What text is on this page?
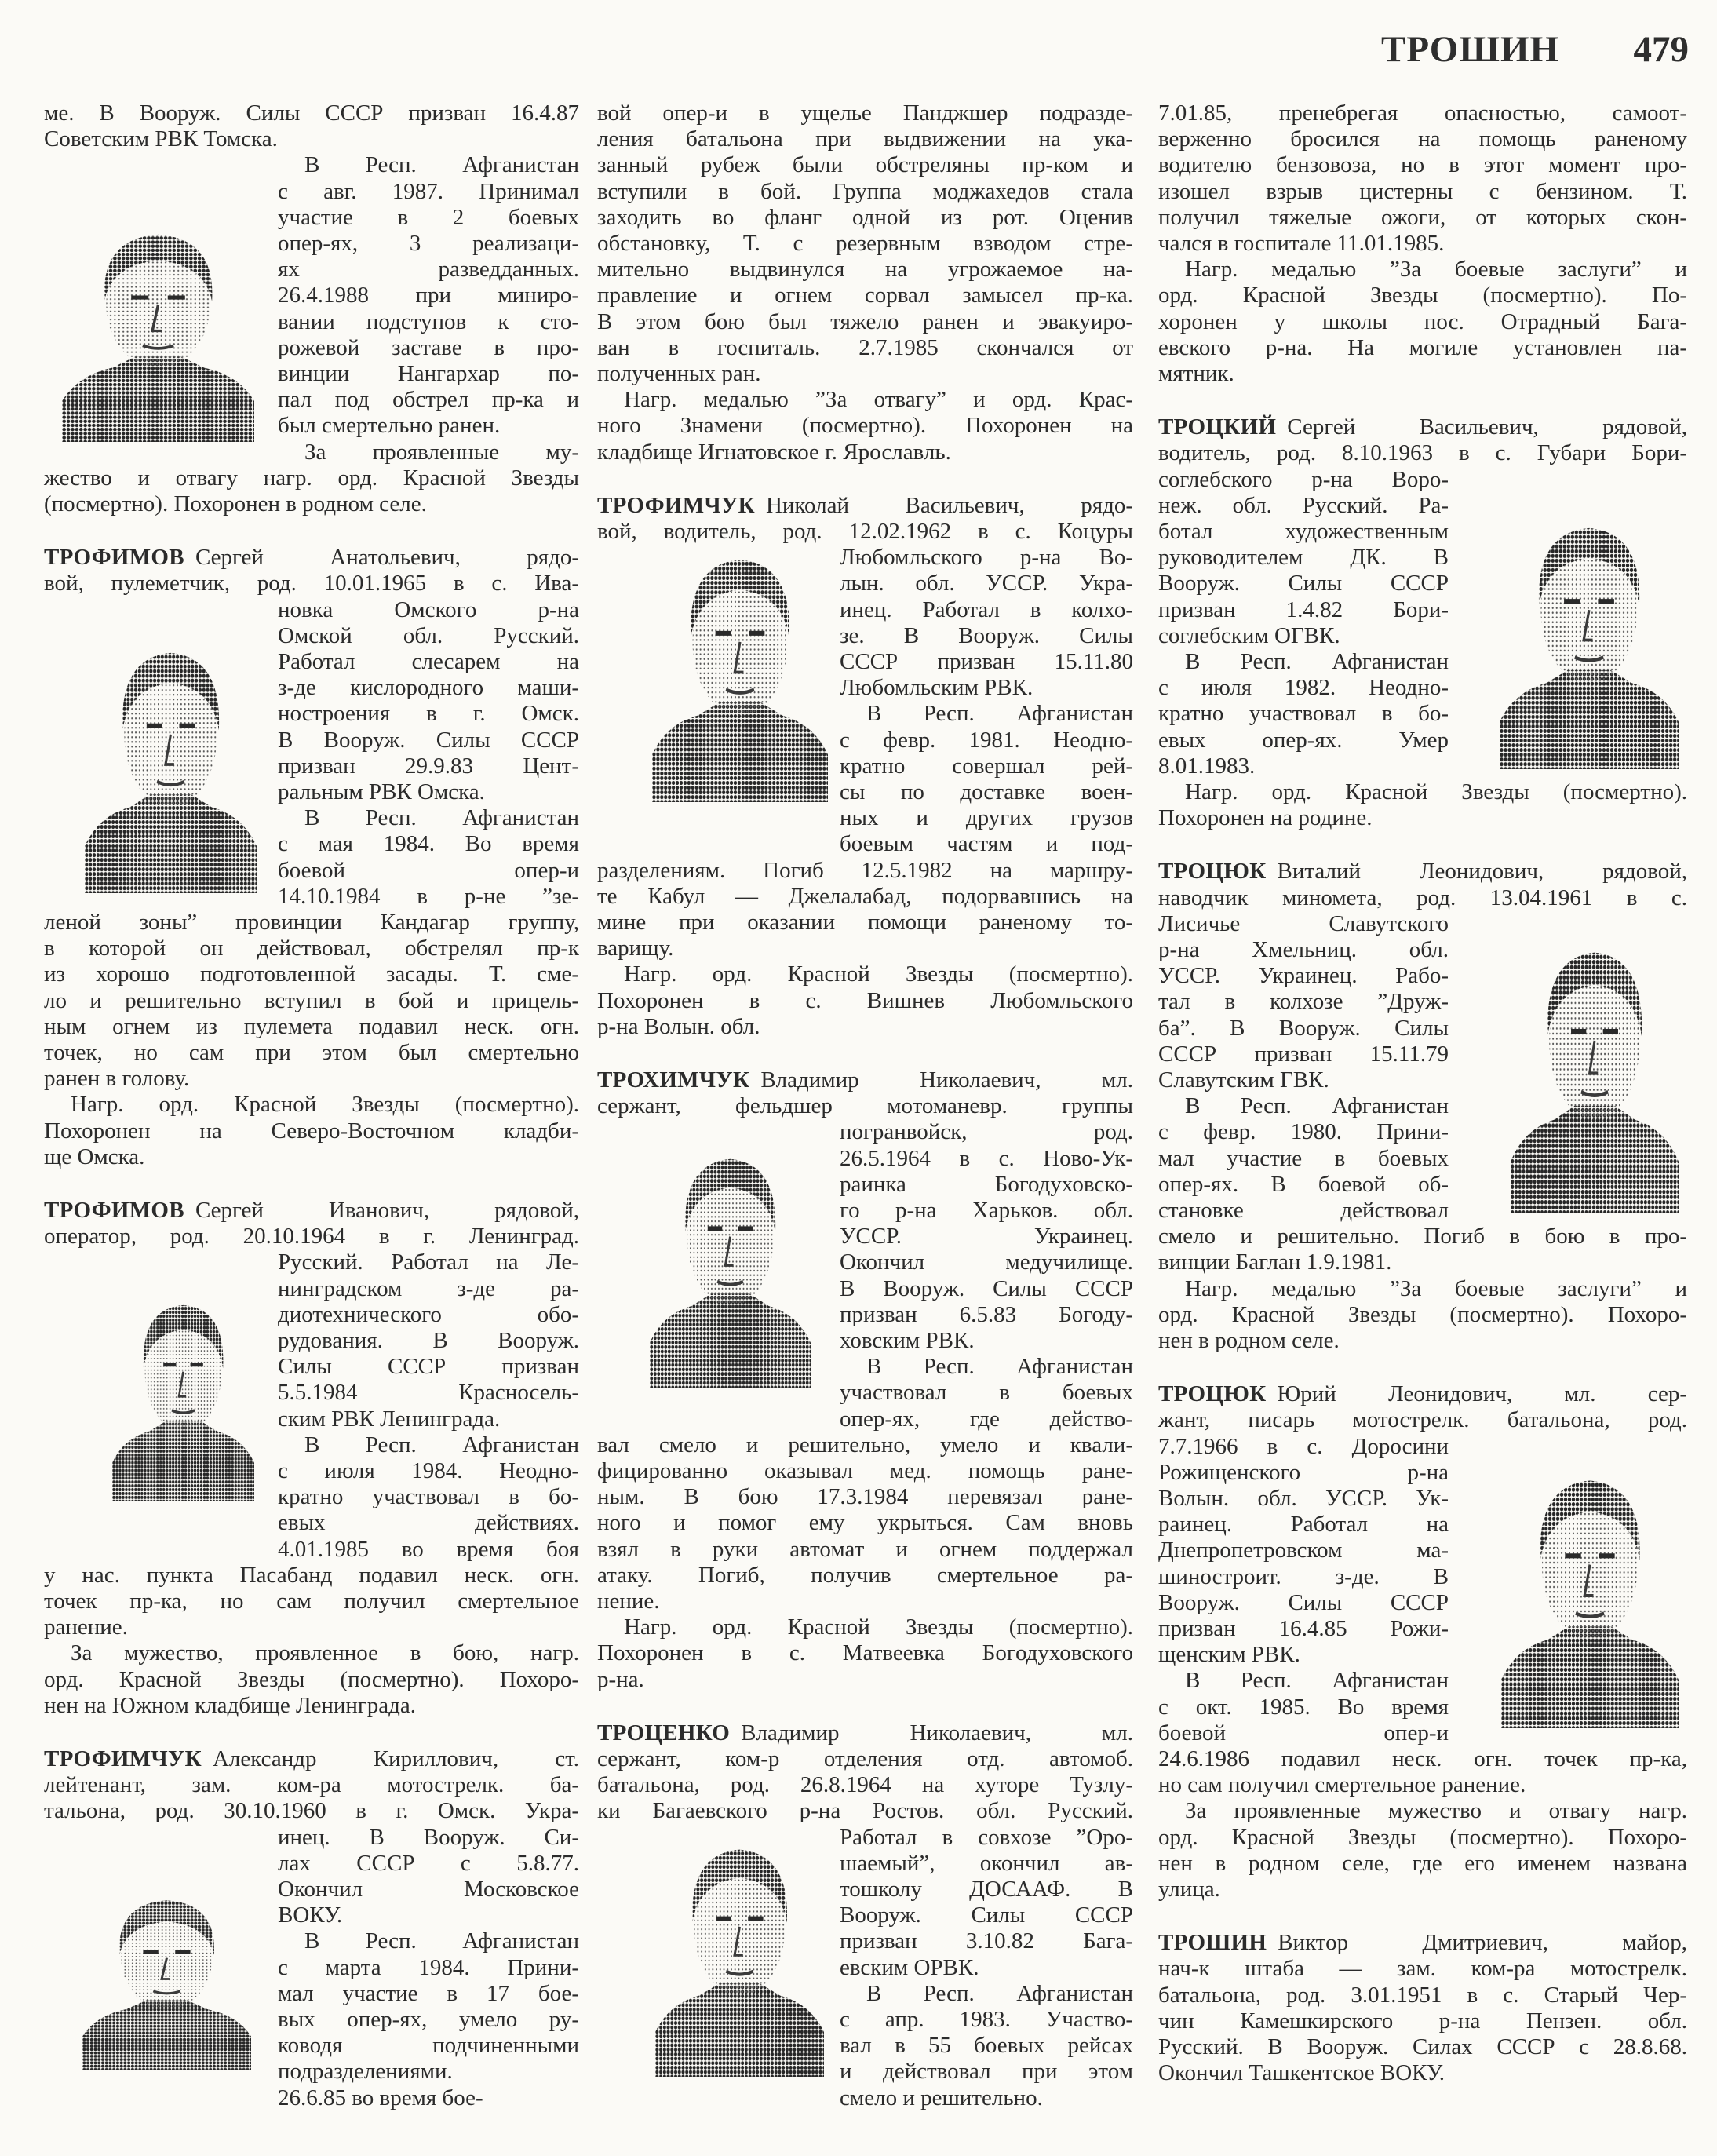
ТРОШИН 479
ме. В Вооруж. Силы СССР призван 16.4.87
Советским РВК Томска.
В Респ. Афганистан
с авг. 1987. Принимал
участие в 2 боевых
опер-ях, 3 реализаци-
ях разведданных.
26.4.1988 при миниро-
вании подступов к сто-
рожевой заставе в про-
винции Нангархар по-
пал под обстрел пр-ка и
был смертельно ранен.
За проявленные му-
жество и отвагу нагр. орд. Красной Звезды
(посмертно). Похоронен в родном селе.
ТРОФИМОВ Сергей	Анатольевич,	рядо-
вой, пулеметчик, род. 10.01.1965 в с. Ива-
новка Омского р-на
Омской обл. Русский.
Работал слесарем на
з-де кислородного маши-
ностроения в г. Омск.
В Вооруж. Силы СССР
призван 29.9.83 Цент-
ральным РВК Омска.
В Респ. Афганистан
с мая 1984. Во время
боевой опер-и
14.10.1984 в р-не ”зе-
леной зоны” провинции Кандагар группу,
в которой он действовал, обстрелял пр-к
из хорошо подготовленной засады. Т. сме-
ло и решительно вступил в бой и прицель-
ным огнем из пулемета подавил неск. огн.
точек, но сам при этом был смертельно
ранен в голову.
Нагр. орд. Красной Звезды (посмертно).
Похоронен на Северо-Восточном кладби-
ще Омска.
ТРОФИМОВ Сергей	Иванович,	рядовой,
оператор, род. 20.10.1964 в г. Ленинград.
Русский. Работал на Ле-
нинградском з-де ра-
диотехнического обо-
рудования. В Вооруж.
Силы СССР призван
5.5.1984 Красносель-
ским РВК Ленинграда.
В Респ. Афганистан
с июля 1984. Неодно-
кратно участвовал в бо-
евых действиях.
4.01.1985 во время боя
у нас. пункта Пасабанд подавил неск. огн.
точек пр-ка, но сам получил смертельное
ранение.
За мужество, проявленное в бою, нагр.
орд. Красной Звезды (посмертно). Похоро-
нен на Южном кладбище Ленинграда.
ТРОФИМЧУК Александр Кириллович, ст.
лейтенант, зам. ком-ра мотострелк. ба-
тальона, род. 30.10.1960 в г. Омск. Укра-
инец. В Вооруж. Си-
лах СССР с 5.8.77.
Окончил Московское
ВОКУ.
В Респ. Афганистан
с марта 1984. Прини-
мал участие в 17 бое-
вых опер-ях, умело ру-
ководя подчиненными
подразделениями.
26.6.85 во время бое-
вой опер-и в ущелье Панджшер подразде-
ления батальона при выдвижении на ука-
занный рубеж были обстреляны пр-ком и
вступили в бой. Группа моджахедов стала
заходить во фланг одной из рот. Оценив
обстановку, Т. с резервным взводом стре-
мительно выдвинулся на угрожаемое на-
правление и огнем сорвал замысел пр-ка.
В этом бою был тяжело ранен и эвакуиро-
ван в госпиталь. 2.7.1985 скончался от
полученных ран.
Нагр. медалью ”За отвагу” и орд. Крас-
ного Знамени (посмертно). Похоронен на
кладбище Игнатовское г. Ярославль.
ТРОФИМЧУК Николай Васильевич, рядо-
вой, водитель, род. 12.02.1962 в с. Коцуры
Любомльского р-на Во-
лын. обл. УССР. Укра-
инец. Работал в колхо-
зе. В Вооруж. Силы
СССР призван 15.11.80
Любомльским РВК.
В Респ. Афганистан
с февр. 1981. Неодно-
кратно совершал рей-
сы по доставке воен-
ных и других грузов
боевым частям и под-
разделениям. Погиб 12.5.1982 на маршру-
те Кабул — Джелалабад, подорвавшись на
мине при оказании помощи раненому то-
варищу.
Нагр. орд. Красной Звезды (посмертно).
Похоронен в с. Вишнев Любомльского
р-на Волын. обл.
ТРОХИМЧУК Владимир	Николаевич,	мл.
сержант, фельдшер мотоманевр. группы
погранвойск, род.
26.5.1964 в с. Ново-Ук-
раинка Богодуховско-
го р-на Харьков. обл.
УССР. Украинец.
Окончил медучилище.
В Вооруж. Силы СССР
призван 6.5.83 Богоду-
ховским РВК.
В Респ. Афганистан
участвовал в боевых
опер-ях, где действо-
вал смело и решительно, умело и квали-
фицированно оказывал мед. помощь ране-
ным. В бою 17.3.1984 перевязал ране-
ного и помог ему укрыться. Сам вновь
взял в руки автомат и огнем поддержал
атаку. Погиб, получив смертельное ра-
нение.
Нагр. орд. Красной Звезды (посмертно).
Похоронен в с. Матвеевка Богодуховского
р-на.
ТРОЦЕНКО Владимир	Николаевич,	мл.
сержант, ком-р отделения отд. автомоб.
батальона, род. 26.8.1964 на хуторе Тузлу-
ки Багаевского р-на Ростов. обл. Русский.
Работал в совхозе ”Оро-
шаемый”, окончил ав-
тошколу ДОСААФ. В
Вооруж. Силы СССР
призван 3.10.82 Бага-
евским ОРВК.
В Респ. Афганистан
с апр. 1983. Участво-
вал в 55 боевых рейсах
и действовал при этом
смело и решительно.
7.01.85, пренебрегая опасностью, самоот-
верженно бросился на помощь раненому
водителю бензовоза, но в этот момент про-
изошел взрыв цистерны с бензином. Т.
получил тяжелые ожоги, от которых скон-
чался в госпитале 11.01.1985.
Нагр. медалью ”За боевые заслуги” и
орд. Красной Звезды (посмертно). По-
хоронен у школы пос. Отрадный Бага-
евского р-на. На могиле установлен па-
мятник.
ТРОЦКИЙ Сергей	Васильевич,	рядовой,
водитель, род. 8.10.1963 в с. Губари Бори-
соглебского р-на Воро-
неж. обл. Русский. Ра-
ботал художественным
руководителем ДК. В
Вооруж. Силы СССР
призван 1.4.82 Бори-
соглебским ОГВК.
В Респ. Афганистан
с июля 1982. Неодно-
кратно участвовал в бо-
евых опер-ях. Умер
8.01.1983.
Нагр. орд. Красной Звезды (посмертно).
Похоронен на родине.
ТРОЦЮК Виталий	Леонидович,	рядовой,
наводчик миномета, род. 13.04.1961 в с.
Лисичье Славутского
р-на Хмельниц. обл.
УССР. Украинец. Рабо-
тал в колхозе ”Друж-
ба”. В Вооруж. Силы
СССР призван 15.11.79
Славутским ГВК.
В Респ. Афганистан
с февр. 1980. Прини-
мал участие в боевых
опер-ях. В боевой об-
становке действовал
смело и решительно. Погиб в бою в про-
винции Баглан 1.9.1981.
Нагр. медалью ”За боевые заслуги” и
орд. Красной Звезды (посмертно). Похоро-
нен в родном селе.
ТРОЦЮК Юрий Леонидович, мл. сер-
жант, писарь мотострелк. батальона, род.
7.7.1966 в с. Доросини
Рожищенского р-на
Волын. обл. УССР. Ук-
раинец. Работал на
Днепропетровском ма-
шиностроит. з-де. В
Вооруж. Силы СССР
призван 16.4.85 Рожи-
щенским РВК.
В Респ. Афганистан
с окт. 1985. Во время
боевой опер-и
24.6.1986 подавил неск. огн. точек пр-ка,
но сам получил смертельное ранение.
За проявленные мужество и отвагу нагр.
орд. Красной Звезды (посмертно). Похоро-
нен в родном селе, где его именем названа
улица.
ТРОШИН Виктор	Дмитриевич,	майор,
нач-к штаба — зам. ком-ра мотострелк.
батальона, род. 3.01.1951 в с. Старый Чер-
чин Камешкирского р-на Пензен. обл.
Русский. В Вооруж. Силах СССР с 28.8.68.
Окончил Ташкентское ВОКУ.
